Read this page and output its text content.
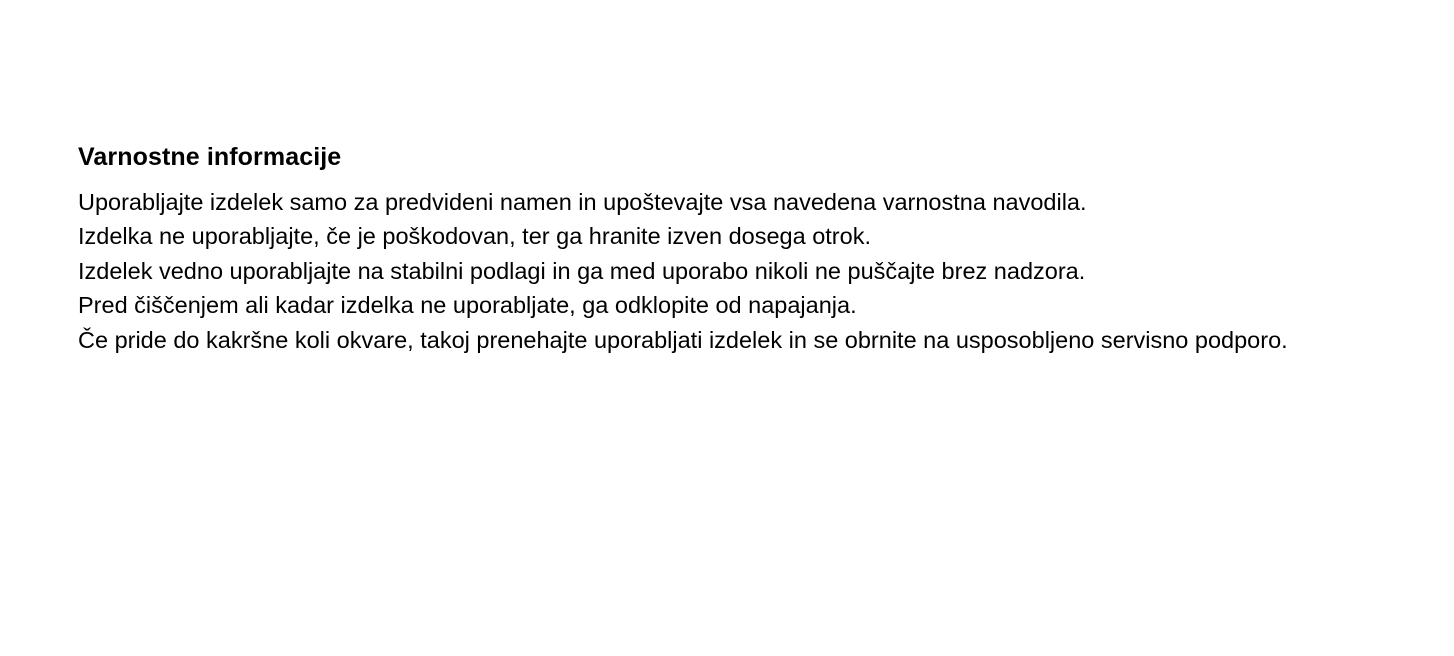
Varnostne informacije

Uporabljajte izdelek samo za predvideni namen in upoštevajte vsa navedena varnostna navodila.

Izdelka ne uporabljajte, če je poškodovan, ter ga hranite izven dosega otrok.

Izdelek vedno uporabljajte na stabilni podlagi in ga med uporabo nikoli ne puščajte brez nadzora.

Pred čiščenjem ali kadar izdelka ne uporabljate, ga odklopite od napajanja.

Če pride do kakršne koli okvare, takoj prenehajte uporabljati izdelek in se obrnite na usposobljeno servisno podporo.
